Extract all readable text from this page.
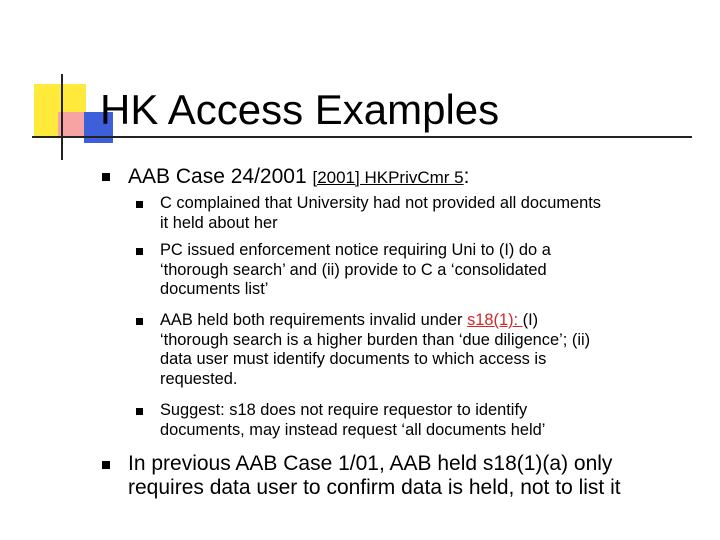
HK Access Examples

AAB Case 24/2001 [2001] HKPrivCmr 5:

C complained that University had not provided all documents
it held about her
PC issued enforcement notice requiring Uni to (I) do a
‘thorough search’ and (ii) provide to C a ‘consolidated
documents list’
AAB held both requirements invalid under s18(1): (I)
‘thorough search is a higher burden than ‘due diligence’; (ii)
data user must identify documents to which access is
requested.
Suggest: s18 does not require requestor to identify
documents, may instead request ‘all documents held’
In previous AAB Case 1/01, AAB held s18(1)(a) only
requires data user to confirm data is held, not to list it
